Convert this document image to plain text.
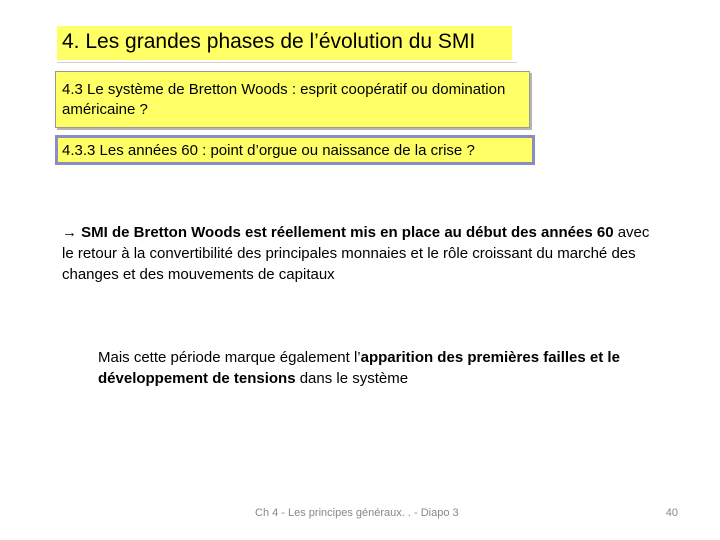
4. Les grandes phases de l’évolution du SMI
4.3 Le système de Bretton Woods : esprit coopératif ou domination américaine ?
4.3.3 Les années 60 : point d’orgue ou naissance de la crise ?
→ SMI de Bretton Woods est réellement mis en place au début des années 60 avec le retour à la convertibilité des principales monnaies et le rôle croissant du marché des changes et des mouvements de capitaux
Mais cette période marque également l’apparition des premières failles et le développement de tensions dans le système
Ch 4 - Les principes généraux. . - Diapo 3	40
